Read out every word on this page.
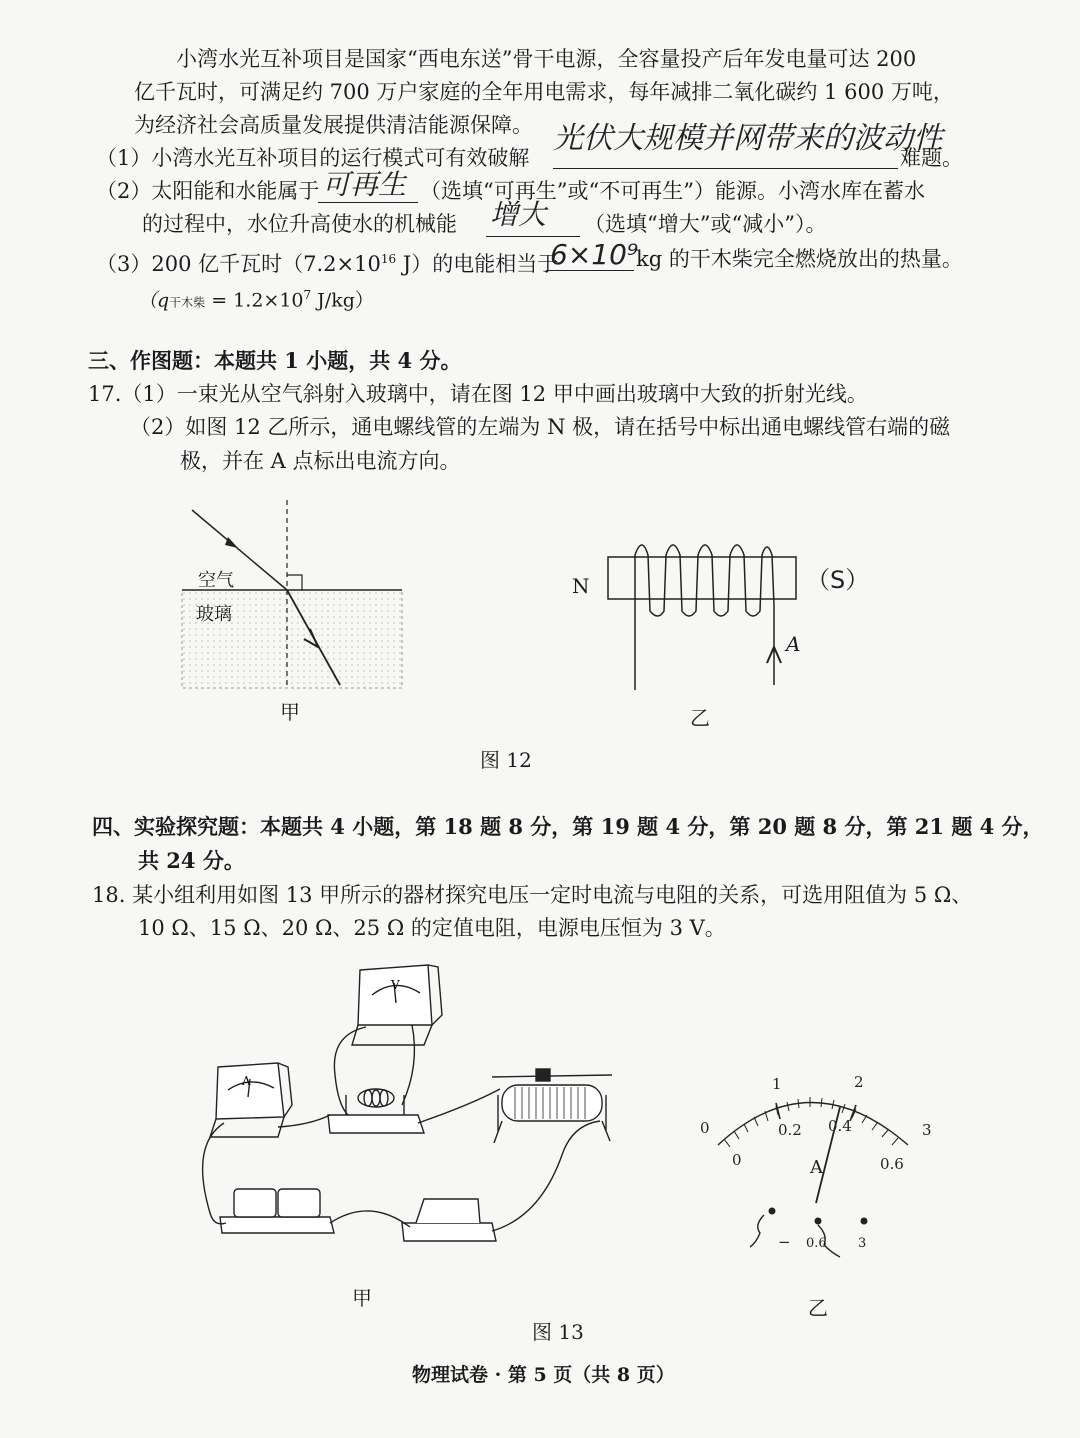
小湾水光互补项目是国家“西电东送”骨干电源，全容量投产后年发电量可达 200
亿千瓦时，可满足约 700 万户家庭的全年用电需求，每年减排二氧化碳约 1 600 万吨，
为经济社会高质量发展提供清洁能源保障。
（1）小湾水光互补项目的运行模式可有效破解
光伏大规模并网带来的波动性
难题。
（2）太阳能和水能属于 可再生 （选填“可再生”或“不可再生”）能源。小湾水库在蓄水
的过程中，水位升高使水的机械能 增大 （选填“增大”或“减小”）。
（3）200 亿千瓦时（$7.2\times 10^{16}$ J）的电能相当于
6×10⁹
kg 的干木柴完全燃烧放出的热量。
（q干木柴 = $1.2\times 10^7$ J/kg）
三、作图题：本题共 1 小题，共 4 分。
17.（1）一束光从空气斜射入玻璃中，请在图 12 甲中画出玻璃中大致的折射光线。
（2）如图 12 乙所示，通电螺线管的左端为 N 极，请在括号中标出通电螺线管右端的磁
极，并在 A 点标出电流方向。
空气
玻璃
甲
N	（S）
A
乙
图 12
四、实验探究题：本题共 4 小题，第 18 题 8 分，第 19 题 4 分，第 20 题 8 分，第 21 题 4 分，
共 24 分。
18. 某小组利用如图 13 甲所示的器材探究电压一定时电流与电阻的关系，可选用阻值为 5 Ω、
10 Ω、15 Ω、20 Ω、25 Ω 的定值电阻，电源电压恒为 3 V。
A
V
甲
0
1	2
3
0
0.2 0.4
0.6
A
− 0.6 3
乙
图 13
物理试卷 · 第 5 页（共 8 页）
